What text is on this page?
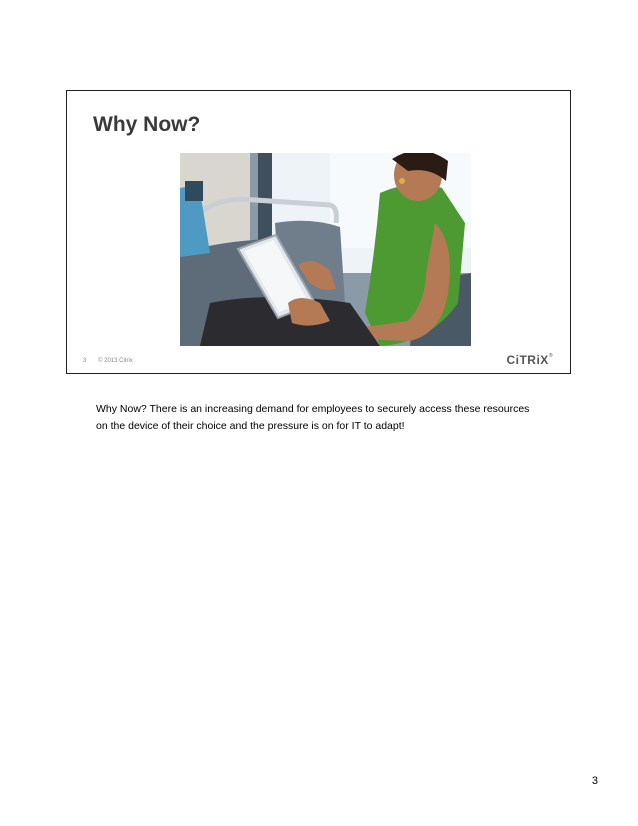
Why Now?
3 © 2013 Citrix	CiTRiX®

Why Now? There is an increasing demand for employees to securely access these resources on the device of their choice and the pressure is on for IT to adapt!

3
